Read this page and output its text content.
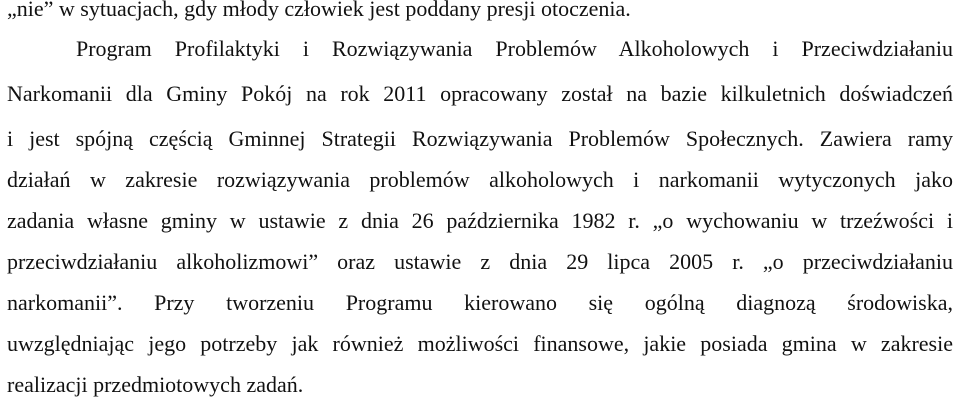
„nie” w sytuacjach, gdy młody człowiek jest poddany presji otoczenia.
Program Profilaktyki i Rozwiązywania Problemów Alkoholowych i Przeciwdziałaniu
Narkomanii dla Gminy Pokój na rok 2011 opracowany został na bazie kilkuletnich doświadczeń
i jest spójną częścią Gminnej Strategii Rozwiązywania Problemów Społecznych. Zawiera ramy
działań w zakresie rozwiązywania problemów alkoholowych i narkomanii wytyczonych jako
zadania własne gminy w ustawie z dnia 26 października 1982 r. „o wychowaniu w trzeźwości i
przeciwdziałaniu alkoholizmowi” oraz ustawie z dnia 29 lipca 2005 r. „o przeciwdziałaniu
narkomanii”. Przy tworzeniu Programu kierowano się ogólną diagnozą środowiska,
uwzględniając jego potrzeby jak również możliwości finansowe, jakie posiada gmina w zakresie
realizacji przedmiotowych zadań.
